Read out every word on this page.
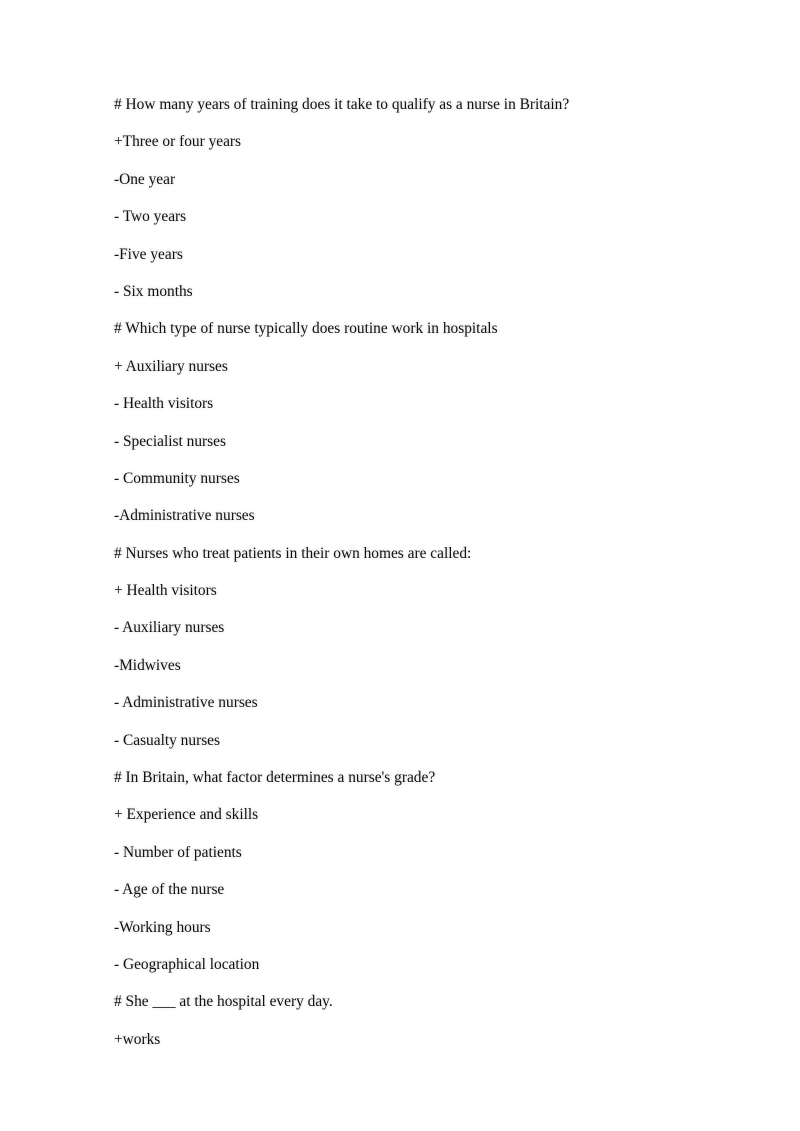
# How many years of training does it take to qualify as a nurse in Britain?
+Three or four years
-One year
- Two years
-Five years
- Six months
# Which type of nurse typically does routine work in hospitals
+ Auxiliary nurses
- Health visitors
- Specialist nurses
- Community nurses
-Administrative nurses
# Nurses who treat patients in their own homes are called:
+ Health visitors
- Auxiliary nurses
-Midwives
- Administrative nurses
- Casualty nurses
# In Britain, what factor determines a nurse's grade?
+ Experience and skills
- Number of patients
- Age of the nurse
-Working hours
- Geographical location
# She ___ at the hospital every day.
+works
